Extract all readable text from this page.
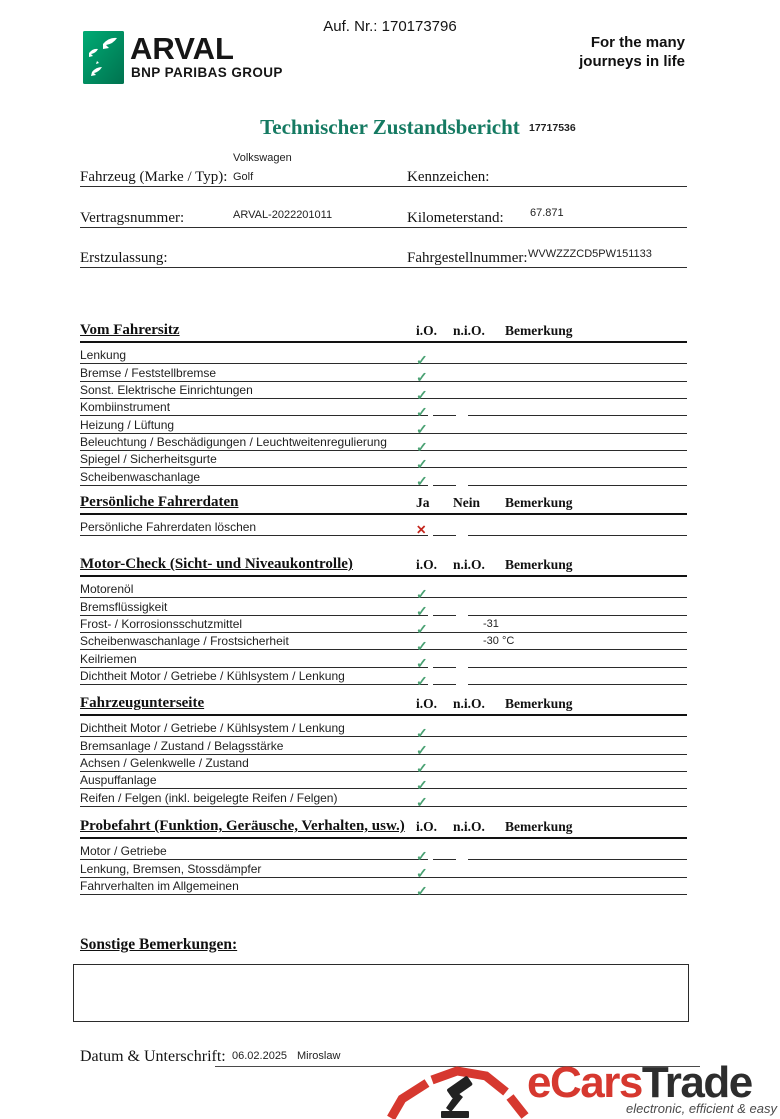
Auf. Nr.: 170173796
ARVAL
BNP PARIBAS GROUP
For the many
journeys in life
Technischer Zustandsbericht 17717536
Volkswagen
Golf
Fahrzeug (Marke / Typ):	Kennzeichen:
Vertragsnummer:	ARVAL-2022201011	Kilometerstand: 67.871
Erstzulassung:	Fahrgestellnummer: WVWZZZCD5PW151133
Vom Fahrersitz	i.O. n.i.O. Bemerkung
Lenkung	✓
Bremse / Feststellbremse	✓
Sonst. Elektrische Einrichtungen	✓
Kombiinstrument	✓
Heizung / Lüftung	✓
Beleuchtung / Beschädigungen / Leuchtweitenregulierung ✓
Spiegel / Sicherheitsgurte	✓
Scheibenwaschanlage	✓
Persönliche Fahrerdaten	Ja Nein Bemerkung
Persönliche Fahrerdaten löschen	✕
Motor-Check (Sicht- und Niveaukontrolle)	i.O. n.i.O. Bemerkung
Motorenöl	✓
Bremsflüssigkeit	✓
Frost- / Korrosionsschutzmittel	✓	-31
Scheibenwaschanlage / Frostsicherheit	✓	-30 °C
Keilriemen	✓
Dichtheit Motor / Getriebe / Kühlsystem / Lenkung	✓
Fahrzeugunterseite	i.O. n.i.O. Bemerkung
Dichtheit Motor / Getriebe / Kühlsystem / Lenkung	✓
Bremsanlage / Zustand / Belagsstärke	✓
Achsen / Gelenkwelle / Zustand	✓
Auspuffanlage	✓
Reifen / Felgen (inkl. beigelegte Reifen / Felgen)	✓
Probefahrt (Funktion, Geräusche, Verhalten, usw.) i.O. n.i.O. Bemerkung
Motor / Getriebe	✓
Lenkung, Bremsen, Stossdämpfer	✓
Fahrverhalten im Allgemeinen	✓
Sonstige Bemerkungen:
Datum & Unterschrift: 06.02.2025 Miroslaw
eCarsTrade
electronic, efficient & easy
